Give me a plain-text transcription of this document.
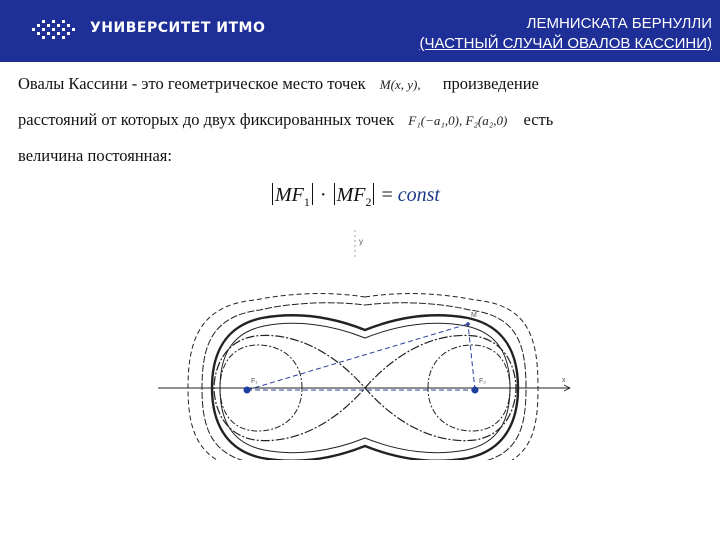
УНИВЕРСИТЕТ ИТМО	ЛЕМНИСКАТА БЕРНУЛЛИ
(ЧАСТНЫЙ СЛУЧАЙ ОВАЛОВ КАССИНИ)
Овалы Кассини - это геометрическое место точек M(x, y), произведение
расстояний от которых до двух фиксированных точек F₁(−a₁,0), F₂(a₂,0) есть
величина постоянная:
$MF_1 \cdot MF_2$ = const
F₁	F₂
M
y
x
